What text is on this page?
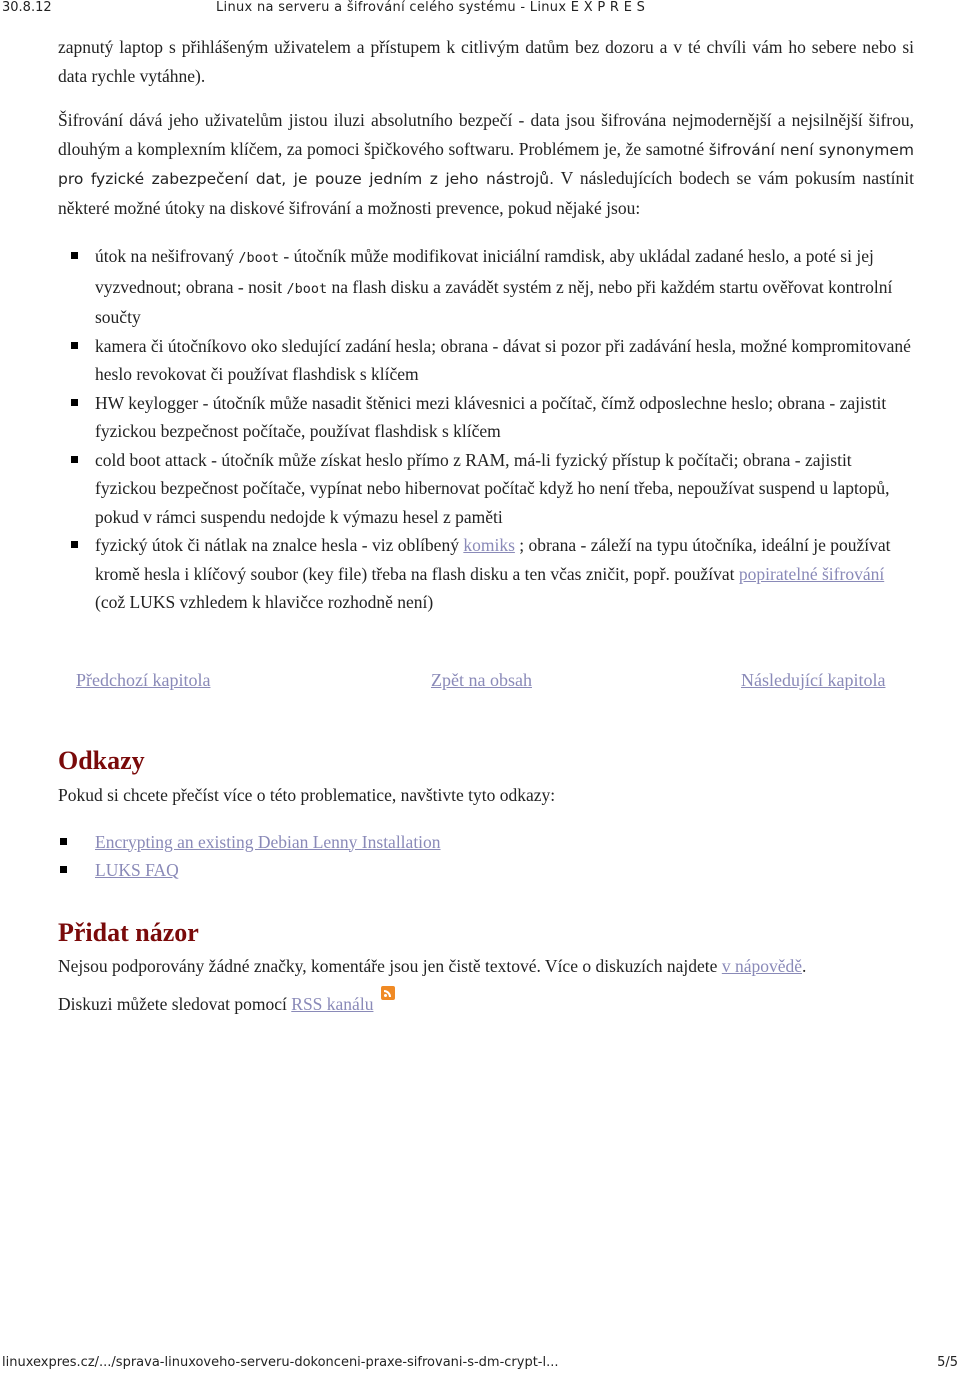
30.8.12	Linux na serveru a šifrování celého systému - Linux E X P R E S

zapnutý laptop s přihlášeným uživatelem a přístupem k citlivým datům bez dozoru a v té chvíli vám ho sebere nebo si data rychle vytáhne).

Šifrování dává jeho uživatelům jistou iluzi absolutního bezpečí - data jsou šifrována nejmodernější a nejsilnější šifrou, dlouhým a komplexním klíčem, za pomoci špičkového softwaru. Problémem je, že samotné šifrování není synonymem pro fyzické zabezpečení dat, je pouze jedním z jeho nástrojů. V následujících bodech se vám pokusím nastínit některé možné útoky na diskové šifrování a možnosti prevence, pokud nějaké jsou:

útok na nešifrovaný /boot - útočník může modifikovat iniciální ramdisk, aby ukládal zadané heslo, a poté si jej vyzvednout; obrana - nosit /boot na flash disku a zavádět systém z něj, nebo při každém startu ověřovat kontrolní součty
kamera či útočníkovo oko sledující zadání hesla; obrana - dávat si pozor při zadávání hesla, možné kompromitované heslo revokovat či používat flashdisk s klíčem
HW keylogger - útočník může nasadit štěnici mezi klávesnici a počítač, čímž odposlechne heslo; obrana - zajistit fyzickou bezpečnost počítače, používat flashdisk s klíčem
cold boot attack - útočník může získat heslo přímo z RAM, má-li fyzický přístup k počítači; obrana - zajistit fyzickou bezpečnost počítače, vypínat nebo hibernovat počítač když ho není třeba, nepoužívat suspend u laptopů, pokud v rámci suspendu nedojde k výmazu hesel z paměti
fyzický útok či nátlak na znalce hesla - viz oblíbený komiks ; obrana - záleží na typu útočníka, ideální je používat kromě hesla i klíčový soubor (key file) třeba na flash disku a ten včas zničit, popř. používat popiratelné šifrování (což LUKS vzhledem k hlavičce rozhodně není)
Předchozí kapitola	Zpět na obsah	Následující kapitola
Odkazy

Pokud si chcete přečíst více o této problematice, navštivte tyto odkazy:

Encrypting an existing Debian Lenny Installation
LUKS FAQ
Přidat názor

Nejsou podporovány žádné značky, komentáře jsou jen čistě textové. Více o diskuzích najdete v nápovědě.

Diskuzi můžete sledovat pomocí RSS kanálu

linuxexpres.cz/.../sprava-linuxoveho-serveru-dokonceni-praxe-sifrovani-s-dm-crypt-l...	5/5
